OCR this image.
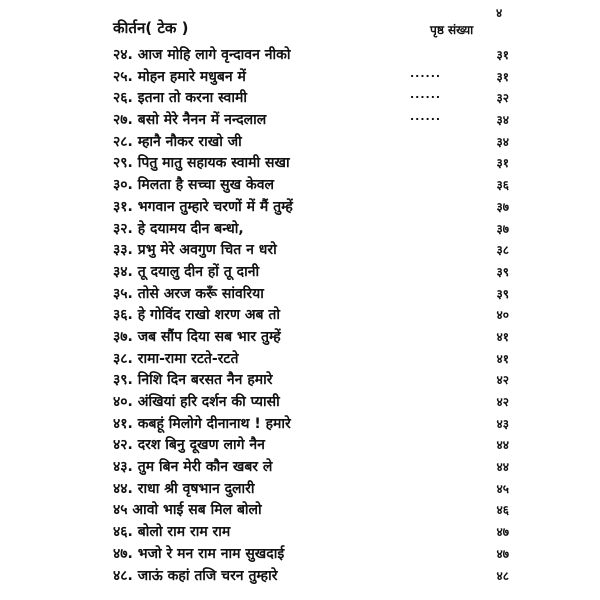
४
कीर्तन( टेक )	पृष्ठ संख्या
२४. आज मोहि लागे वृन्दावन नीको	३१
२५. मोहन हमारे मधुबन में	......	३१
२६. इतना तो करना स्वामी	......	३२
२७. बसो मेरे नैनन में नन्दलाल	......	३४
२८. म्हानै नौकर राखो जी	३४
२९. पितु मातु सहायक स्वामी सखा	३१
३०. मिलता है सच्चा सुख केवल	३६
३१. भगवान तुम्हारे चरणों में मैं तुम्हें	३७
३२. हे दयामय दीन बन्धो,	३७
३३. प्रभु मेरे अवगुण चित न धरो	३८
३४. तू दयालु दीन हों तू दानी	३९
३५. तोसे अरज करूँ सांवरिया	३९
३६. हे गोविंद राखो शरण अब तो	४०
३७. जब सौंप दिया सब भार तुम्हें	४१
३८. रामा-रामा रटते-रटते	४१
३९. निशि दिन बरसत नैन हमारे	४२
४०. अंखियां हरि दर्शन की प्यासी	४२
४१. कबहूं मिलोगे दीनानाथ ! हमारे	४३
४२. दरश बिनु दूखण लागे नैन	४४
४३. तुम बिन मेरी कौन खबर ले	४४
४४. राधा श्री वृषभान दुलारी	४५
४५ आवो भाई सब मिल बोलो	४६
४६. बोलो राम राम राम	४७
४७. भजो रे मन राम नाम सुखदाई	४७
४८. जाऊं कहां तजि चरन तुम्हारे	४८
